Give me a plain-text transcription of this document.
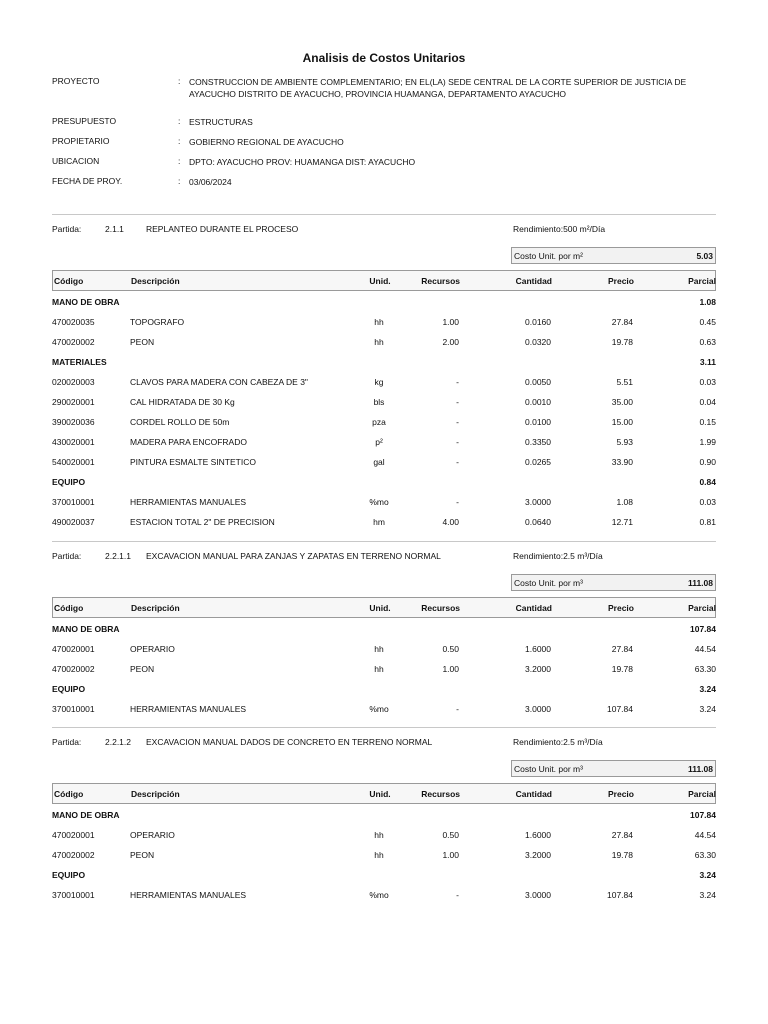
Analisis de Costos Unitarios
PROYECTO	: CONSTRUCCION DE AMBIENTE COMPLEMENTARIO; EN EL(LA) SEDE CENTRAL DE LA CORTE SUPERIOR DE JUSTICIA DE AYACUCHO DISTRITO DE AYACUCHO, PROVINCIA HUAMANGA, DEPARTAMENTO AYACUCHO
PRESUPUESTO	: ESTRUCTURAS
PROPIETARIO	: GOBIERNO REGIONAL DE AYACUCHO
UBICACION	: DPTO: AYACUCHO PROV: HUAMANGA DIST: AYACUCHO
FECHA DE PROY.	: 03/06/2024
Partida:	2.1.1	REPLANTEO DURANTE EL PROCESO	Rendimiento:500 m²/Día
Costo Unit. por m²	5.03
Código	Descripción	Unid.	Recursos	Cantidad	Precio	Parcial
MANO DE OBRA	1.08
470020035	TOPOGRAFO	hh	1.00	0.0160	27.84	0.45
470020002	PEON	hh	2.00	0.0320	19.78	0.63
MATERIALES	3.11
020020003	CLAVOS PARA MADERA CON CABEZA DE 3"	kg	-	0.0050	5.51	0.03
290020001	CAL HIDRATADA DE 30 Kg	bls	-	0.0010	35.00	0.04
390020036	CORDEL ROLLO DE 50m	pza	-	0.0100	15.00	0.15
430020001	MADERA PARA ENCOFRADO	p²	-	0.3350	5.93	1.99
540020001	PINTURA ESMALTE SINTETICO	gal	-	0.0265	33.90	0.90
EQUIPO	0.84
370010001	HERRAMIENTAS MANUALES	%mo	-	3.0000	1.08	0.03
490020037	ESTACION TOTAL 2" DE PRECISION	hm	4.00	0.0640	12.71	0.81
Partida:	2.2.1.1 EXCAVACION MANUAL PARA ZANJAS Y ZAPATAS EN TERRENO NORMAL	Rendimiento:2.5 m³/Día
Costo Unit. por m³	111.08
Código	Descripción	Unid.	Recursos	Cantidad	Precio	Parcial
MANO DE OBRA	107.84
470020001	OPERARIO	hh	0.50	1.6000	27.84	44.54
470020002	PEON	hh	1.00	3.2000	19.78	63.30
EQUIPO	3.24
370010001	HERRAMIENTAS MANUALES	%mo	-	3.0000	107.84	3.24
Partida:	2.2.1.2 EXCAVACION MANUAL DADOS DE CONCRETO EN TERRENO NORMAL	Rendimiento:2.5 m³/Día
Costo Unit. por m³	111.08
Código	Descripción	Unid.	Recursos	Cantidad	Precio	Parcial
MANO DE OBRA	107.84
470020001	OPERARIO	hh	0.50	1.6000	27.84	44.54
470020002	PEON	hh	1.00	3.2000	19.78	63.30
EQUIPO	3.24
370010001	HERRAMIENTAS MANUALES	%mo	-	3.0000	107.84	3.24
